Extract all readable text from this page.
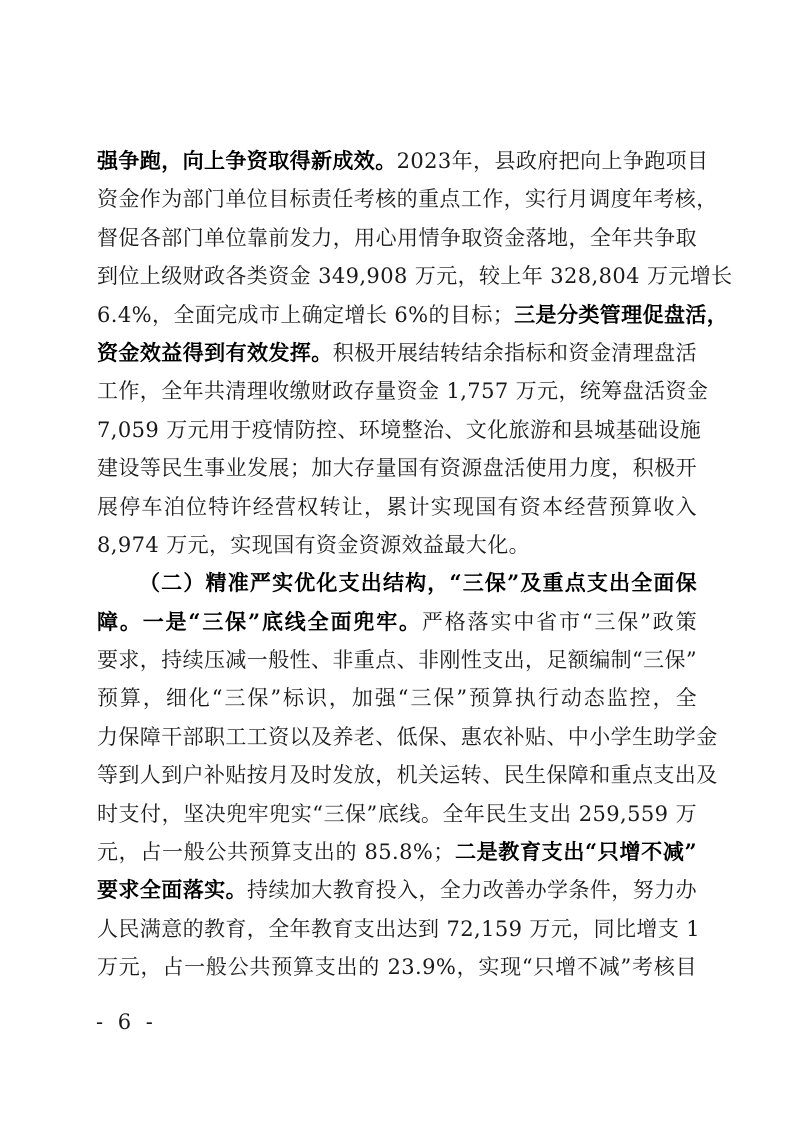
强争跑，向上争资取得新成效。2023年，县政府把向上争跑项目
资金作为部门单位目标责任考核的重点工作，实行月调度年考核，
督促各部门单位靠前发力，用心用情争取资金落地，全年共争取
到位上级财政各类资金 349,908 万元，较上年 328,804 万元增长
6.4%，全面完成市上确定增长 6%的目标；三是分类管理促盘活，
资金效益得到有效发挥。积极开展结转结余指标和资金清理盘活
工作，全年共清理收缴财政存量资金 1,757 万元，统筹盘活资金
7,059 万元用于疫情防控、环境整治、文化旅游和县城基础设施
建设等民生事业发展；加大存量国有资源盘活使用力度，积极开
展停车泊位特许经营权转让，累计实现国有资本经营预算收入
8,974 万元，实现国有资金资源效益最大化。
（二）精准严实优化支出结构，“三保”及重点支出全面保
障。一是“三保”底线全面兜牢。严格落实中省市“三保”政策
要求，持续压减一般性、非重点、非刚性支出，足额编制“三保”
预算，细化“三保”标识，加强“三保”预算执行动态监控，全
力保障干部职工工资以及养老、低保、惠农补贴、中小学生助学金
等到人到户补贴按月及时发放，机关运转、民生保障和重点支出及
时支付，坚决兜牢兜实“三保”底线。全年民生支出 259,559 万
元，占一般公共预算支出的 85.8%；二是教育支出“只增不减”
要求全面落实。持续加大教育投入，全力改善办学条件，努力办
人民满意的教育，全年教育支出达到 72,159 万元，同比增支 1
万元，占一般公共预算支出的 23.9%，实现“只增不减”考核目
- 6 -
